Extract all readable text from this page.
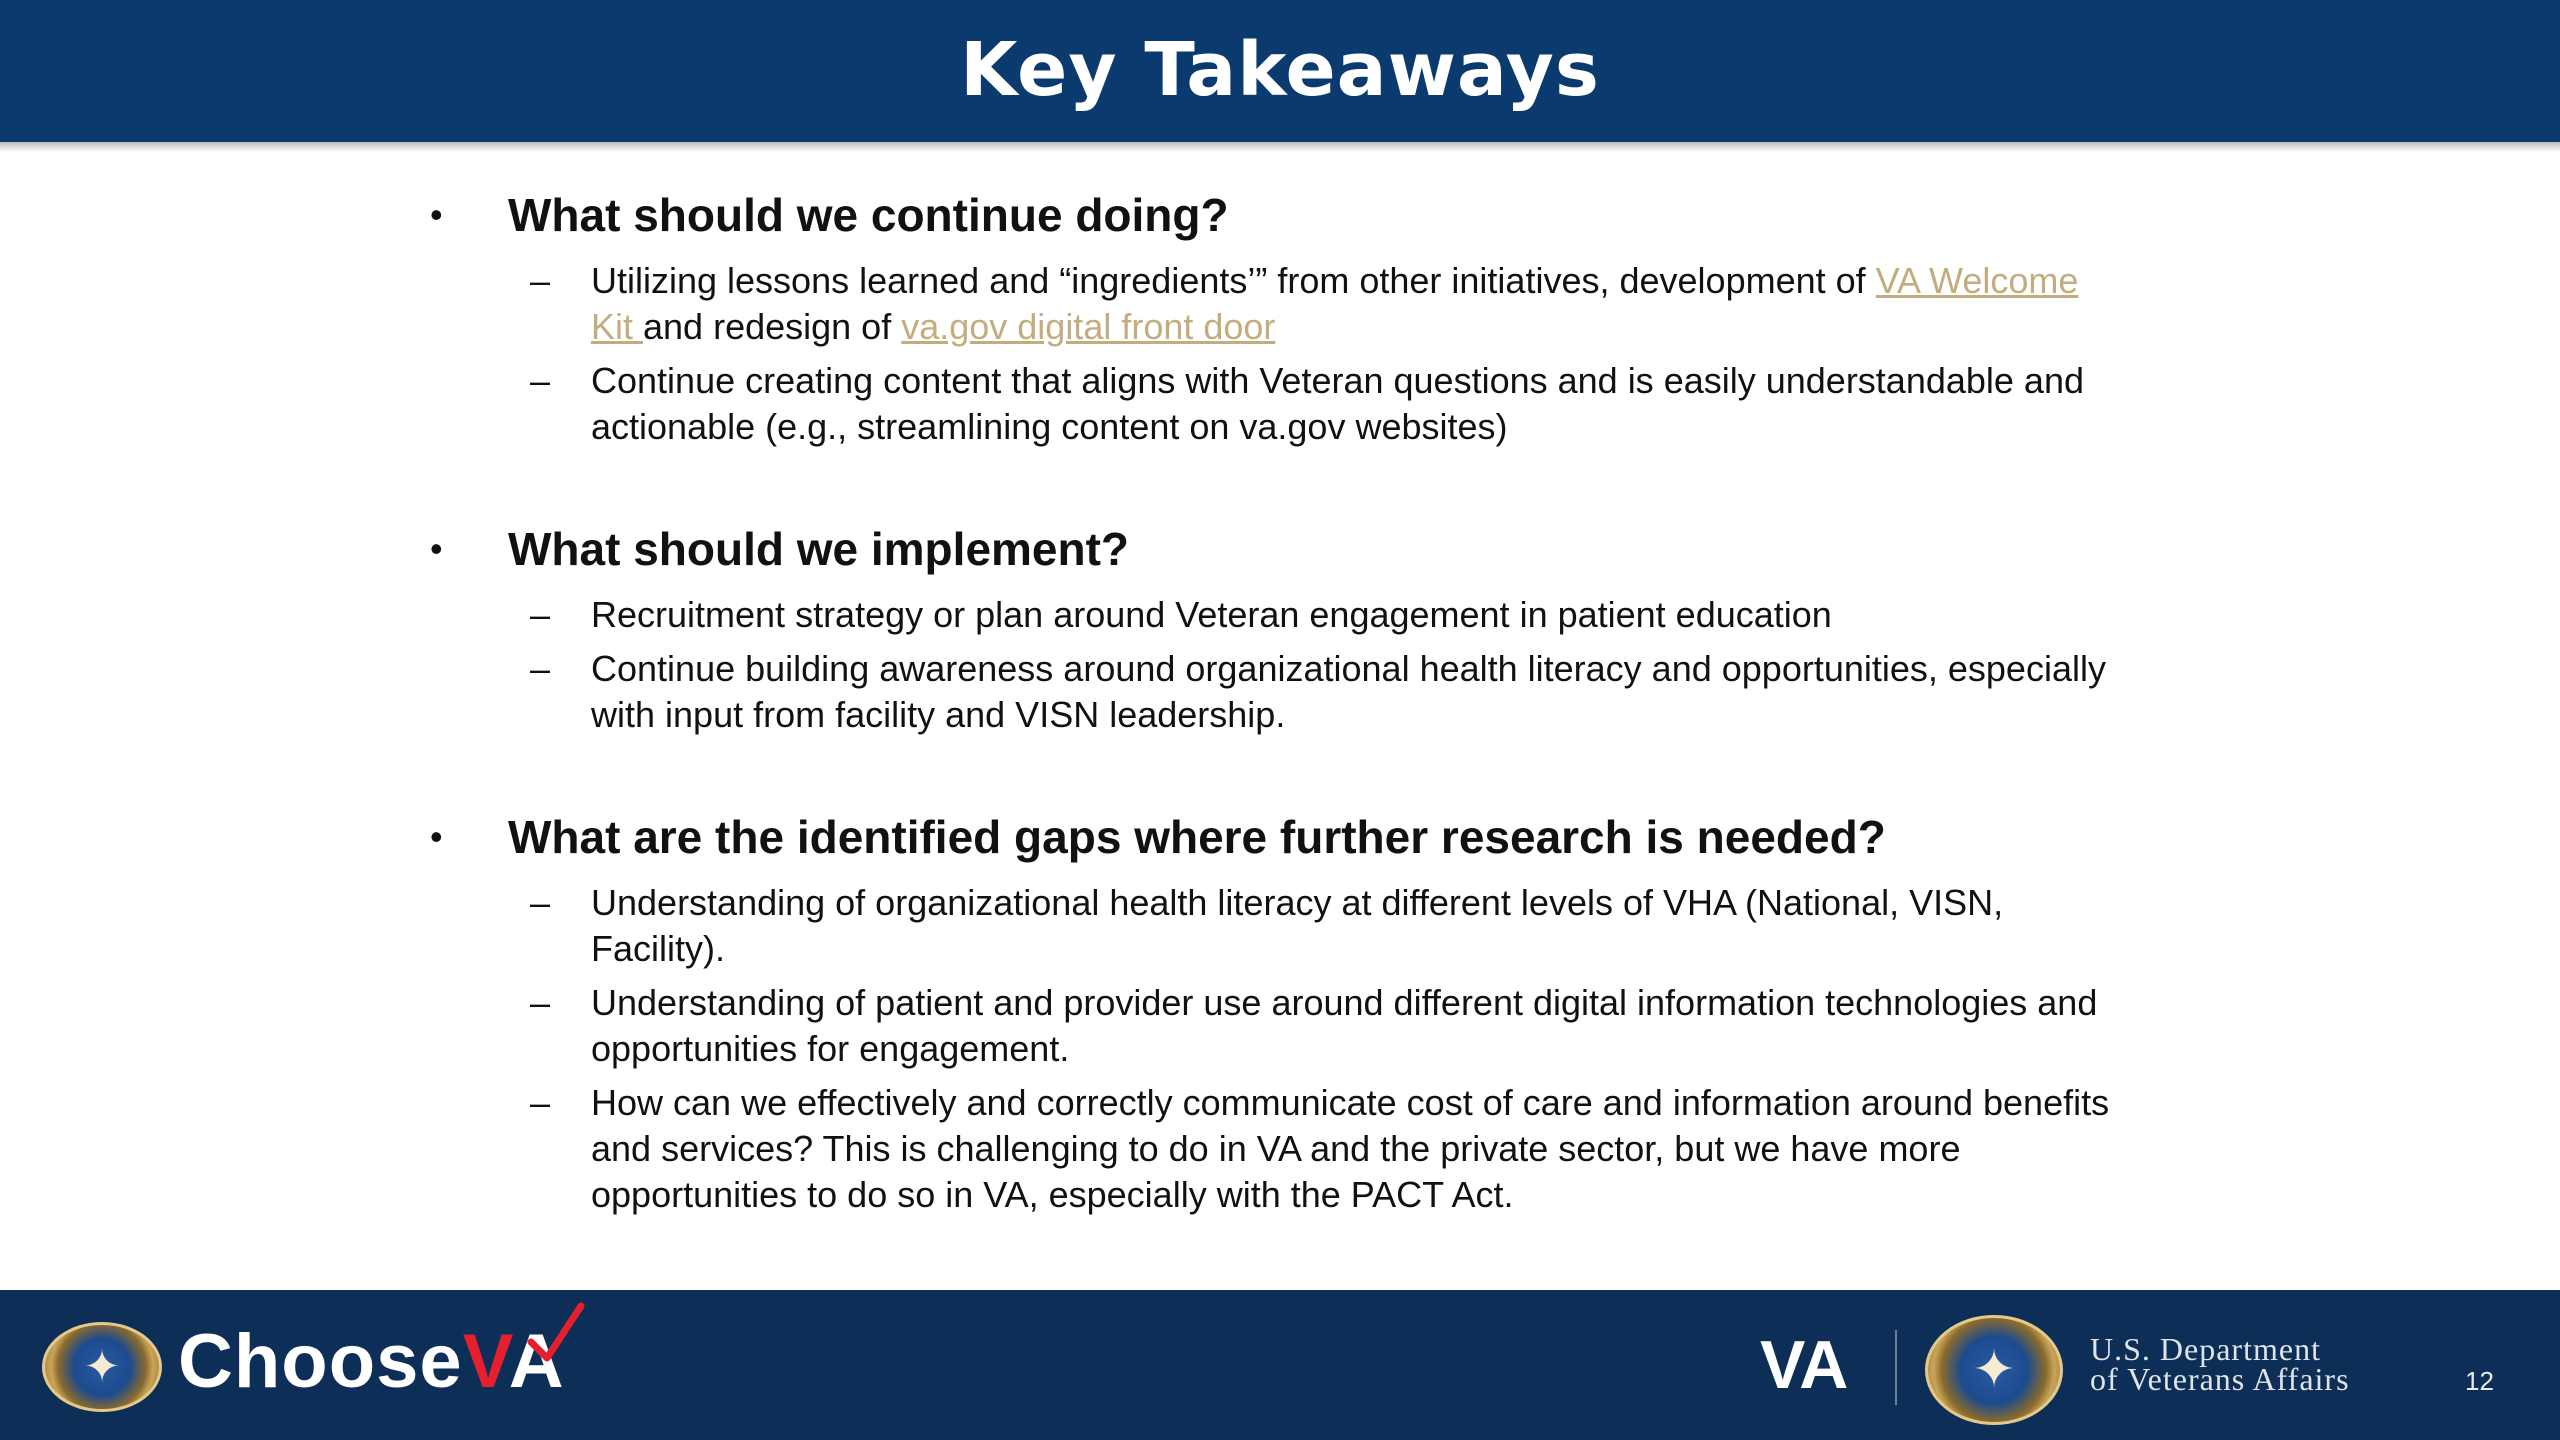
Key Takeaways
• What should we continue doing?
– Utilizing lessons learned and “ingredients’” from other initiatives, development of VA Welcome Kit and redesign of va.gov digital front door
– Continue creating content that aligns with Veteran questions and is easily understandable and actionable (e.g., streamlining content on va.gov websites)
• What should we implement?
– Recruitment strategy or plan around Veteran engagement in patient education
– Continue building awareness around organizational health literacy and opportunities, especially with input from facility and VISN leadership.
• What are the identified gaps where further research is needed?
– Understanding of organizational health literacy at different levels of VHA (National, VISN, Facility).
– Understanding of patient and provider use around different digital information technologies and opportunities for engagement.
– How can we effectively and correctly communicate cost of care and information around benefits and services? This is challenging to do in VA and the private sector, but we have more opportunities to do so in VA, especially with the PACT Act.
✦ ChooseVA	VA ✦ U.S. Department
of Veterans Affairs	12
